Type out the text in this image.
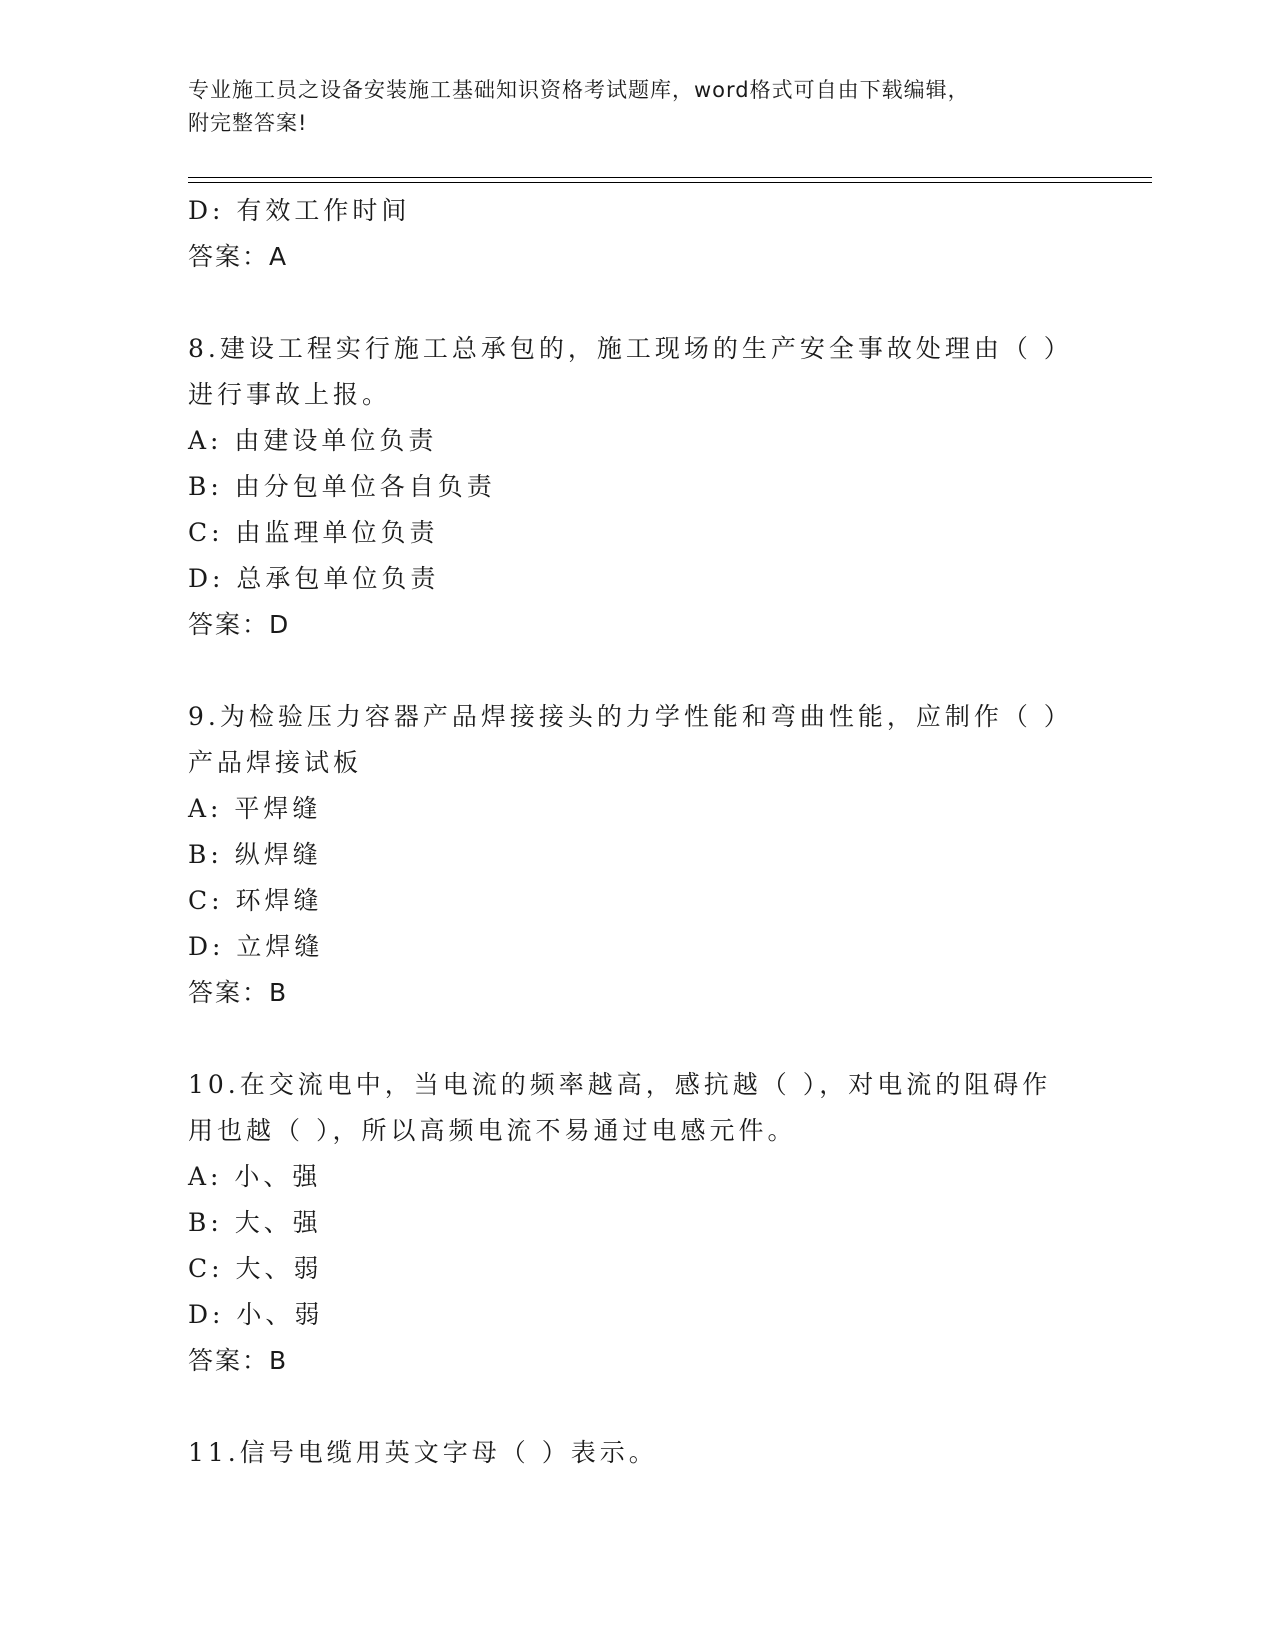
专业施工员之设备安装施工基础知识资格考试题库，word格式可自由下载编辑，
附完整答案!
D: 有效工作时间
答案：A
8.建设工程实行施工总承包的，施工现场的生产安全事故处理由（ ）
进行事故上报。
A: 由建设单位负责
B: 由分包单位各自负责
C: 由监理单位负责
D: 总承包单位负责
答案：D
9.为检验压力容器产品焊接接头的力学性能和弯曲性能，应制作（ ）
产品焊接试板
A: 平焊缝
B: 纵焊缝
C: 环焊缝
D: 立焊缝
答案：B
10.在交流电中，当电流的频率越高，感抗越（ ），对电流的阻碍作
用也越（ ），所以高频电流不易通过电感元件。
A: 小、强
B: 大、强
C: 大、弱
D: 小、弱
答案：B
11.信号电缆用英文字母（ ）表示。
